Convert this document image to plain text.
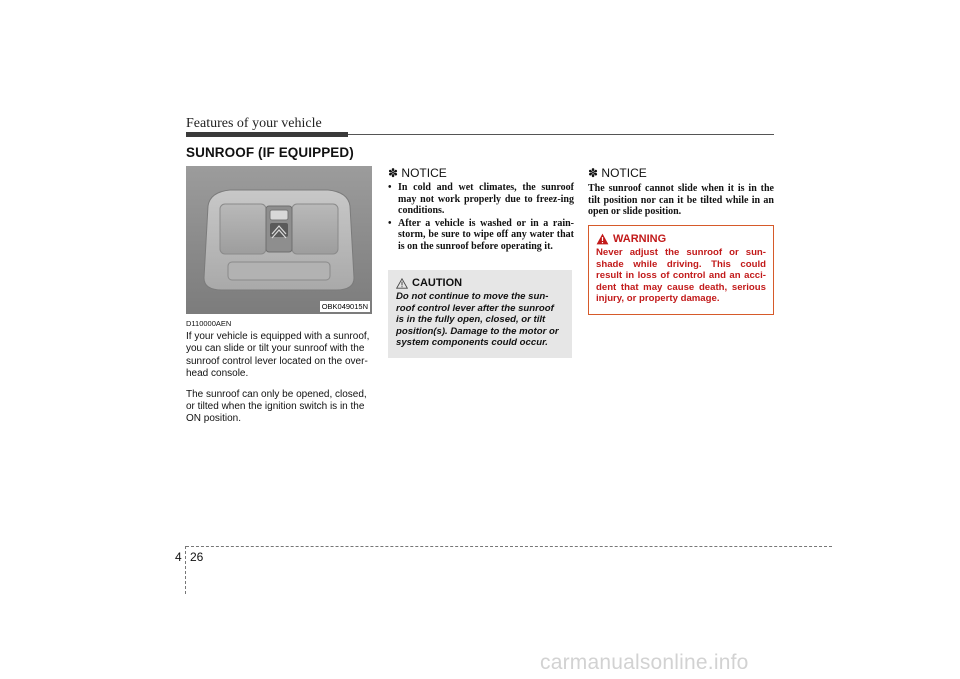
Features of your vehicle
SUNROOF (IF EQUIPPED)
OBK049015N
D110000AEN

If your vehicle is equipped with a sunroof, you can slide or tilt your sunroof with the sunroof control lever located on the over-head console.

The sunroof can only be opened, closed, or tilted when the ignition switch is in the ON position.

✽ NOTICE
• In cold and wet climates, the sunroof may not work properly due to freez-ing conditions.
• After a vehicle is washed or in a rain-storm, be sure to wipe off any water that is on the sunroof before operating it.
CAUTION
Do not continue to move the sun-roof control lever after the sunroof is in the fully open, closed, or tilt position(s). Damage to the motor or system components could occur.
✽ NOTICE
The sunroof cannot slide when it is in the tilt position nor can it be tilted while in an open or slide position.
WARNING
Never adjust the sunroof or sun-shade while driving. This could result in loss of control and an acci-dent that may cause death, serious injury, or property damage.
4 26
carmanualsonline.info
